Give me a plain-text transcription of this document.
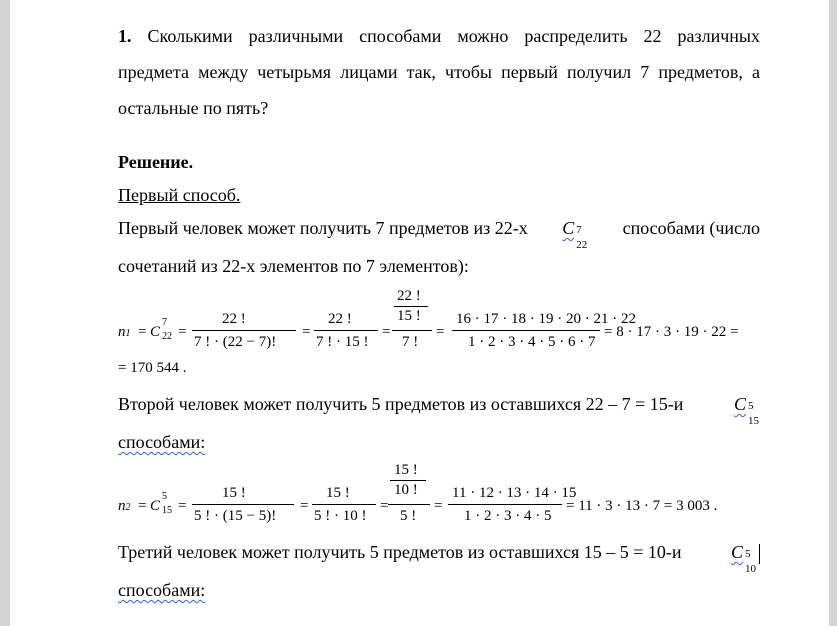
1. Сколькими различными способами можно распределить 22 различных
предмета между четырьмя лицами так, чтобы первый получил 7 предметов, а
остальные по пять?
Решение.
Первый способ.
Первый человек может получить 7 предметов из 22-х C 7
22
способами (число
сочетаний из 22-х элементов по 7 элементов):
n1 = C
7
22 =
22 !
7 ! · (22 − 7)!
=
22 !
7 ! · 15 !
=
22 !
15 !
7 !
=
16 · 17 · 18 · 19 · 20 · 21 · 22
1 · 2 · 3 · 4 · 5 · 6 · 7
= 8 · 17 · 3 · 19 · 22 =
= 170 544 .
Второй человек может получить 5 предметов из оставшихся 22 – 7 = 15-и	C 5
15
способами:
n2 = C
5
15 =
15 !
5 ! · (15 − 5)!
=
15 !
5 ! · 10 !
=
15 !
10 !
5 !
=
11 · 12 · 13 · 14 · 15
1 · 2 · 3 · 4 · 5
= 11 · 3 · 13 · 7 = 3 003 .
Третий человек может получить 5 предметов из оставшихся 15 – 5 = 10-и	C 5
10
способами:
